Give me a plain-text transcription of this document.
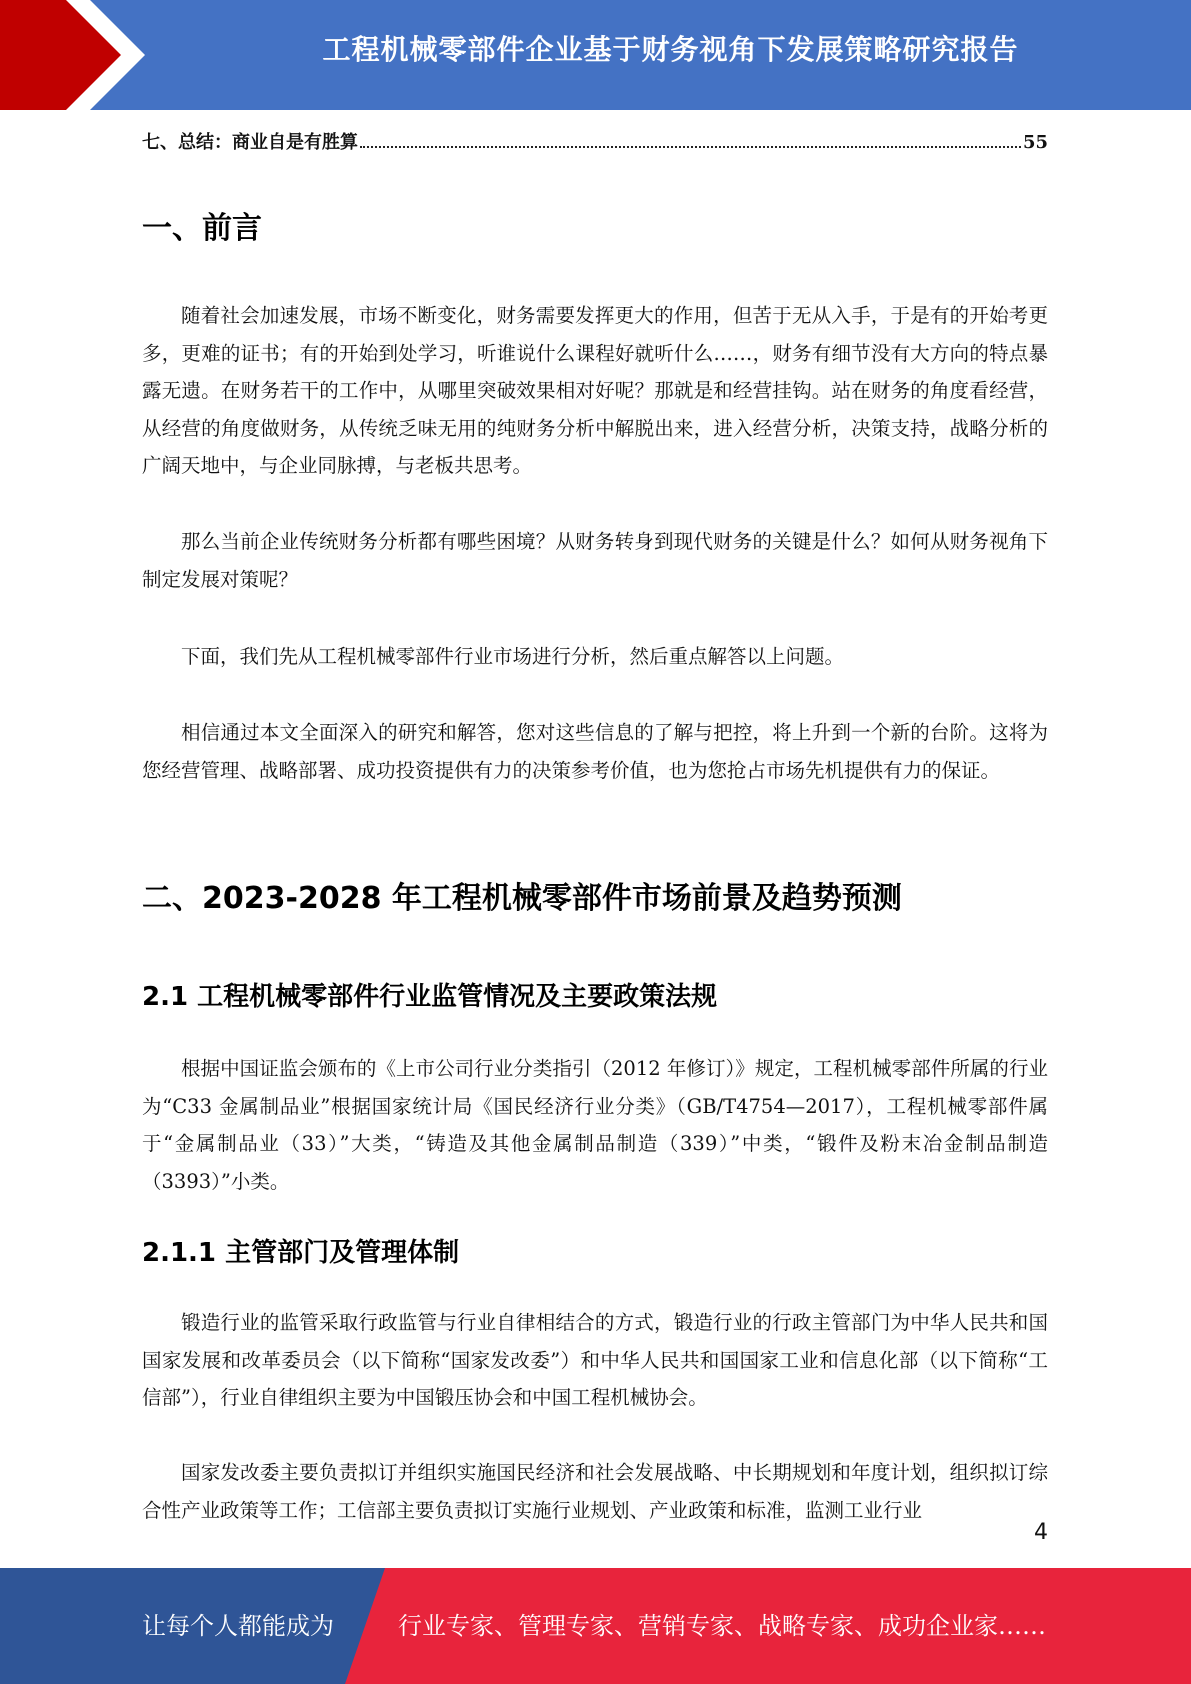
工程机械零部件企业基于财务视角下发展策略研究报告
七、总结：商业自是有胜算	55
一、前言

随着社会加速发展，市场不断变化，财务需要发挥更大的作用，但苦于无从入手，于是有的开始考更多，更难的证书；有的开始到处学习，听谁说什么课程好就听什么……，财务有细节没有大方向的特点暴露无遗。在财务若干的工作中，从哪里突破效果相对好呢？那就是和经营挂钩。站在财务的角度看经营，从经营的角度做财务，从传统乏味无用的纯财务分析中解脱出来，进入经营分析，决策支持，战略分析的广阔天地中，与企业同脉搏，与老板共思考。

那么当前企业传统财务分析都有哪些困境？从财务转身到现代财务的关键是什么？如何从财务视角下制定发展对策呢？

下面，我们先从工程机械零部件行业市场进行分析，然后重点解答以上问题。

相信通过本文全面深入的研究和解答，您对这些信息的了解与把控，将上升到一个新的台阶。这将为您经营管理、战略部署、成功投资提供有力的决策参考价值，也为您抢占市场先机提供有力的保证。

二、2023-2028 年工程机械零部件市场前景及趋势预测
2.1 工程机械零部件行业监管情况及主要政策法规

根据中国证监会颁布的《上市公司行业分类指引（2012 年修订）》规定，工程机械零部件所属的行业为“C33 金属制品业”根据国家统计局《国民经济行业分类》（GB/T4754—2017），工程机械零部件属于“金属制品业（33）”大类，“铸造及其他金属制品制造（339）”中类，“锻件及粉末冶金制品制造（3393）”小类。

2.1.1 主管部门及管理体制

锻造行业的监管采取行政监管与行业自律相结合的方式，锻造行业的行政主管部门为中华人民共和国国家发展和改革委员会（以下简称“国家发改委”）和中华人民共和国国家工业和信息化部（以下简称“工信部”），行业自律组织主要为中国锻压协会和中国工程机械协会。

国家发改委主要负责拟订并组织实施国民经济和社会发展战略、中长期规划和年度计划，组织拟订综合性产业政策等工作；工信部主要负责拟订实施行业规划、产业政策和标准，监测工业行业

4
让每个人都能成为	行业专家、管理专家、营销专家、战略专家、成功企业家……
